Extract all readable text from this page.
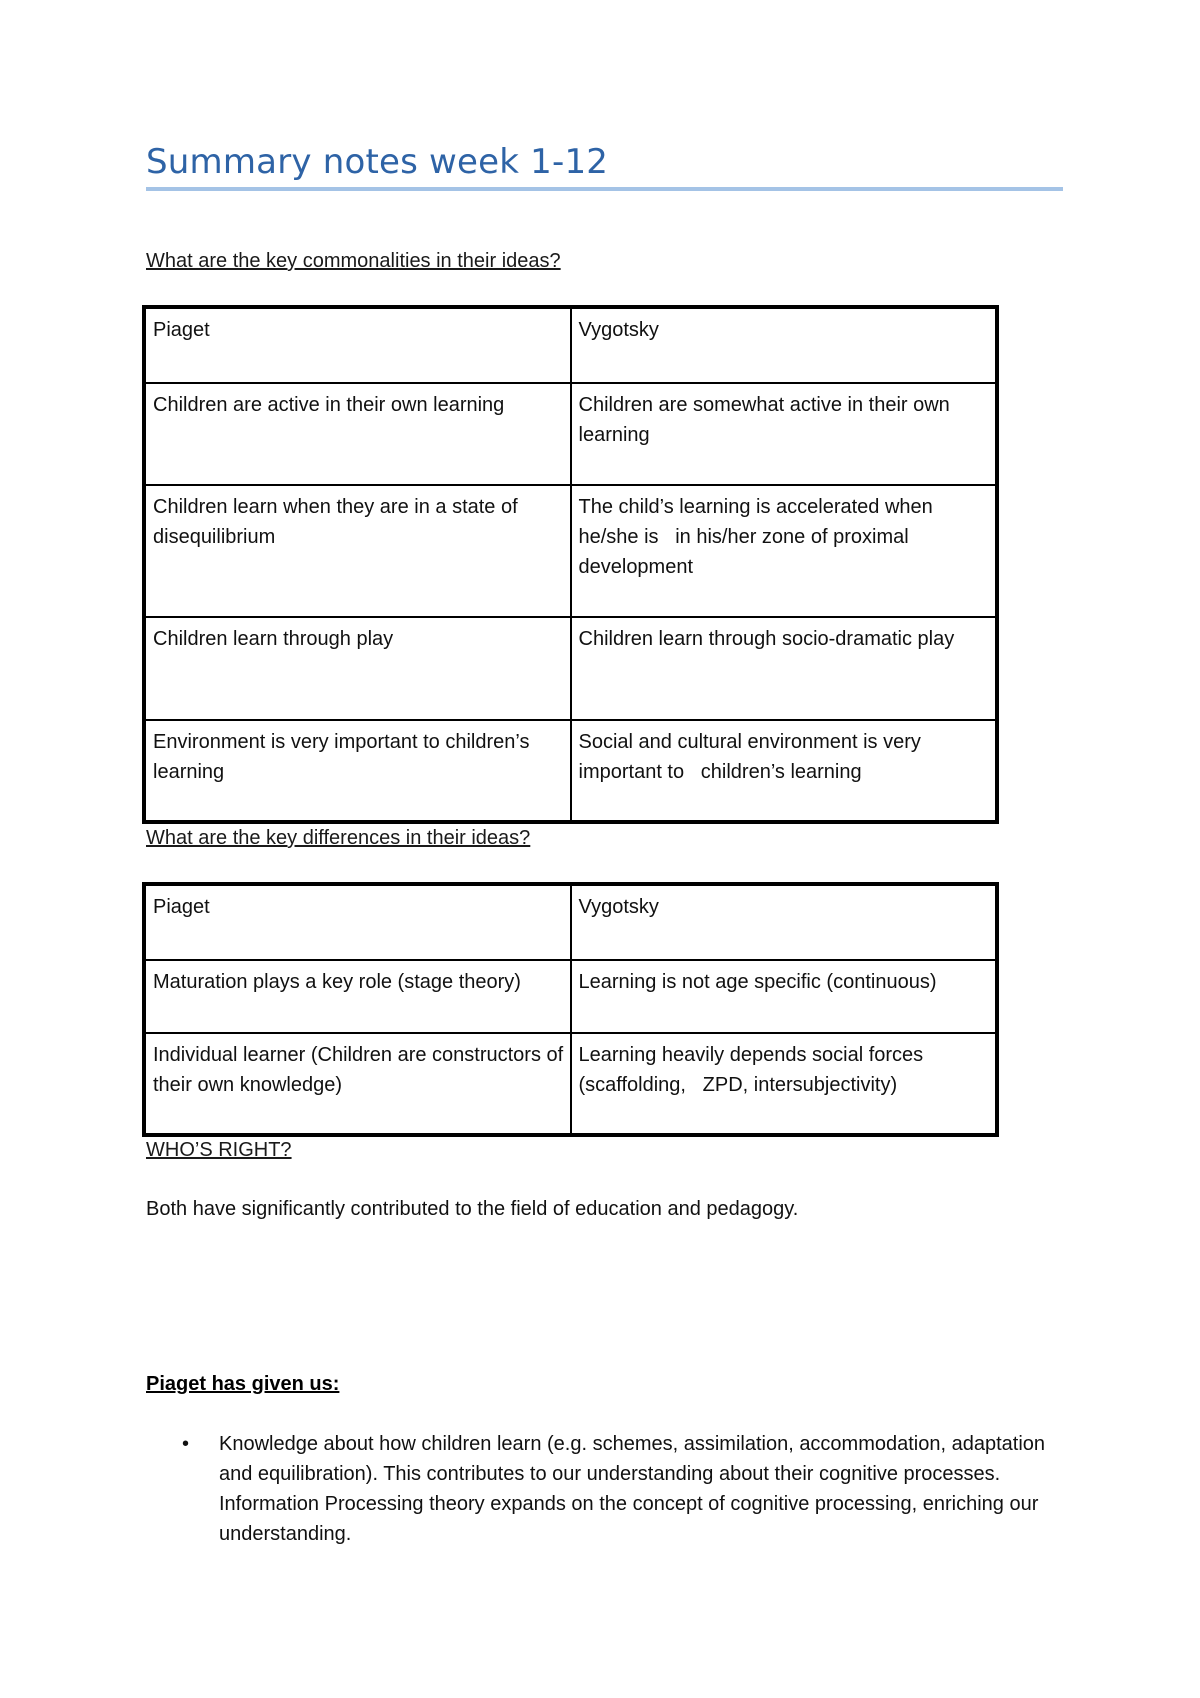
Summary notes week 1-12
What are the key commonalities in their ideas?
Piaget	Vygotsky
Children are active in their own learning	Children are somewhat active in their own learning
Children learn when they are in a state of disequilibrium	The child’s learning is accelerated when he/she is   in his/her zone of proximal development
Children learn through play	Children learn through socio-dramatic play
Environment is very important to children’s learning	Social and cultural environment is very important to   children’s learning
What are the key differences in their ideas?
Piaget	Vygotsky
Maturation plays a key role (stage theory)	Learning is not age specific (continuous)
Individual learner (Children are constructors of   their own knowledge)	Learning heavily depends social forces (scaffolding,   ZPD, intersubjectivity)
WHO’S RIGHT?
Both have significantly contributed to the field of education and pedagogy.
Piaget has given us:
• Knowledge about how children learn (e.g. schemes, assimilation, accommodation, adaptation and equilibration). This contributes to our understanding about their cognitive processes. Information Processing theory expands on the concept of cognitive processing, enriching our understanding.
